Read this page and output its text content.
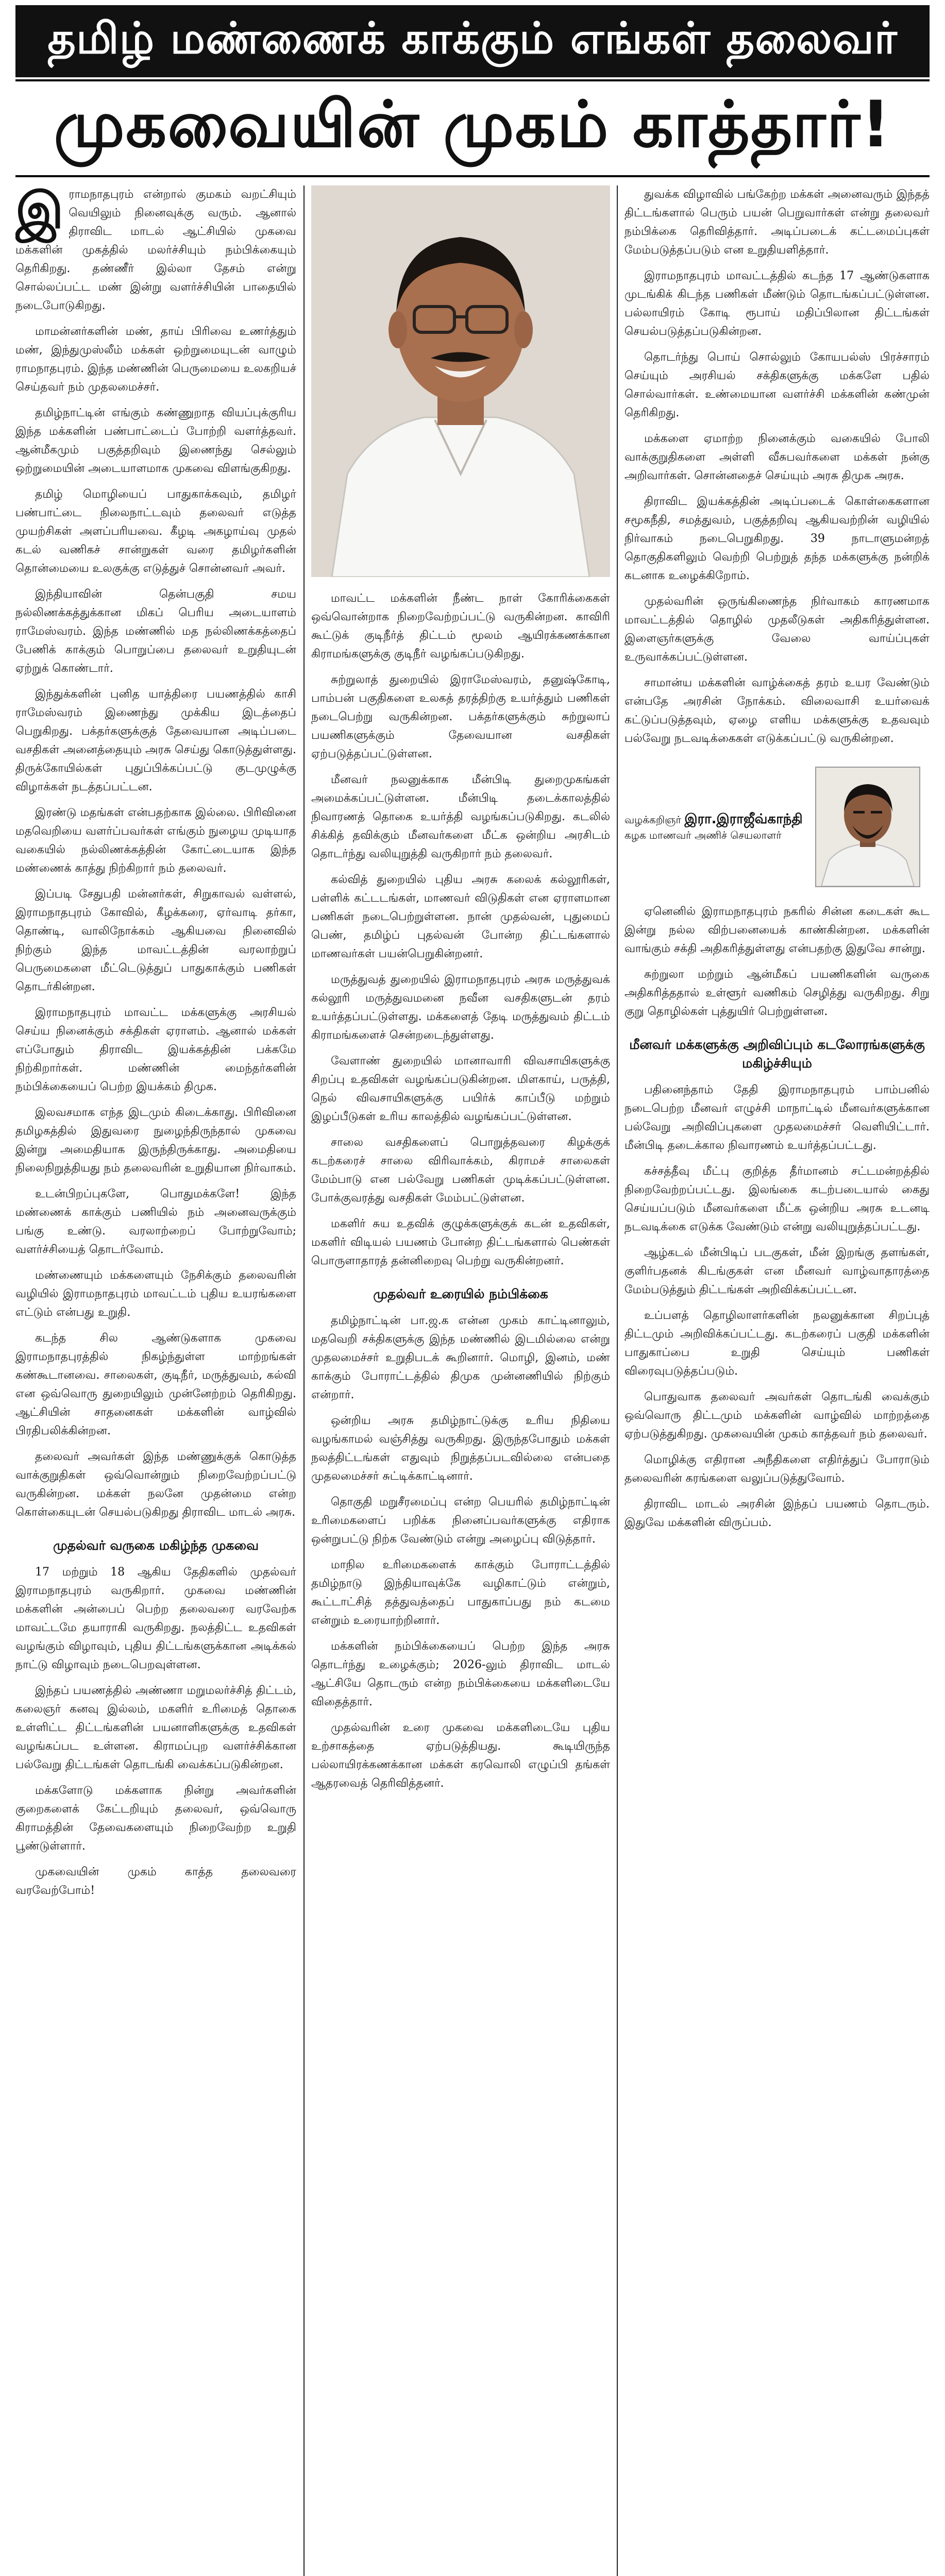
தமிழ் மண்ணைக் காக்கும் எங்கள் தலைவர்
முகவையின் முகம் காத்தார்!

இராமநாதபுரம் என்றால் குமகம் வறட்சியும் வெயிலும் நினைவுக்கு வரும். ஆனால் திராவிட மாடல் ஆட்சியில் முகவை மக்களின் முகத்தில் மலர்ச்சியும் நம்பிக்கையும் தெரிகிறது. தண்ணீர் இல்லா தேசம் என்று சொல்லப்பட்ட மண் இன்று வளர்ச்சியின் பாதையில் நடைபோடுகிறது.

மாமன்னர்களின் மண், தாய் பிரிவை உணர்த்தும் மண், இந்துமுஸ்லீம் மக்கள் ஒற்றுமையுடன் வாழும் ராமநாதபுரம். இந்த மண்ணின் பெருமையை உலகறியச் செய்தவர் நம் முதலமைச்சர்.

தமிழ்நாட்டின் எங்கும் கண்ணுறாத வியப்புக்குரிய இந்த மக்களின் பண்பாட்டைப் போற்றி வளர்த்தவர். ஆன்மீகமும் பகுத்தறிவும் இணைந்து செல்லும் ஒற்றுமையின் அடையாளமாக முகவை விளங்குகிறது.

தமிழ் மொழியைப் பாதுகாக்கவும், தமிழர் பண்பாட்டை நிலைநாட்டவும் தலைவர் எடுத்த முயற்சிகள் அளப்பரியவை. கீழடி அகழாய்வு முதல் கடல் வணிகச் சான்றுகள் வரை தமிழர்களின் தொன்மையை உலகுக்கு எடுத்துச் சொன்னவர் அவர்.

இந்தியாவின் தென்பகுதி சமய நல்லிணக்கத்துக்கான மிகப் பெரிய அடையாளம் ராமேஸ்வரம். இந்த மண்ணில் மத நல்லிணக்கத்தைப் பேணிக் காக்கும் பொறுப்பை தலைவர் உறுதியுடன் ஏற்றுக் கொண்டார்.

இந்துக்களின் புனித யாத்திரை பயணத்தில் காசி ராமேஸ்வரம் இணைந்து முக்கிய இடத்தைப் பெறுகிறது. பக்தர்களுக்குத் தேவையான அடிப்படை வசதிகள் அனைத்தையும் அரசு செய்து கொடுத்துள்ளது. திருக்கோயில்கள் புதுப்பிக்கப்பட்டு குடமுழுக்கு விழாக்கள் நடத்தப்பட்டன.

இரண்டு மதங்கள் என்பதற்காக இல்லை. பிரிவினை மதவெறியை வளர்ப்பவர்கள் எங்கும் நுழைய முடியாத வகையில் நல்லிணக்கத்தின் கோட்டையாக இந்த மண்ணைக் காத்து நிற்கிறார் நம் தலைவர்.

இப்படி சேதுபதி மன்னர்கள், சிறுகாவல் வள்ளல், இராமநாதபுரம் கோவில், கீழக்கரை, ஏர்வாடி தர்கா, தொண்டி, வாலிநோக்கம் ஆகியவை நினைவில் நிற்கும் இந்த மாவட்டத்தின் வரலாற்றுப் பெருமைகளை மீட்டெடுத்துப் பாதுகாக்கும் பணிகள் தொடர்கின்றன.

இராமநாதபுரம் மாவட்ட மக்களுக்கு அரசியல் செய்ய நினைக்கும் சக்திகள் ஏராளம். ஆனால் மக்கள் எப்போதும் திராவிட இயக்கத்தின் பக்கமே நிற்கிறார்கள். மண்ணின் மைந்தர்களின் நம்பிக்கையைப் பெற்ற இயக்கம் திமுக.

இலவசமாக எந்த இடமும் கிடைக்காது. பிரிவினை தமிழகத்தில் இதுவரை நுழைந்திருந்தால் முகவை இன்று அமைதியாக இருந்திருக்காது. அமைதியை நிலைநிறுத்தியது நம் தலைவரின் உறுதியான நிர்வாகம்.

உடன்பிறப்புகளே, பொதுமக்களே! இந்த மண்ணைக் காக்கும் பணியில் நம் அனைவருக்கும் பங்கு உண்டு. வரலாற்றைப் போற்றுவோம்; வளர்ச்சியைத் தொடர்வோம்.

மண்ணையும் மக்களையும் நேசிக்கும் தலைவரின் வழியில் இராமநாதபுரம் மாவட்டம் புதிய உயரங்களை எட்டும் என்பது உறுதி.

கடந்த சில ஆண்டுகளாக முகவை இராமநாதபுரத்தில் நிகழ்ந்துள்ள மாற்றங்கள் கண்கூடானவை. சாலைகள், குடிநீர், மருத்துவம், கல்வி என ஒவ்வொரு துறையிலும் முன்னேற்றம் தெரிகிறது. ஆட்சியின் சாதனைகள் மக்களின் வாழ்வில் பிரதிபலிக்கின்றன.

தலைவர் அவர்கள் இந்த மண்ணுக்குக் கொடுத்த வாக்குறுதிகள் ஒவ்வொன்றும் நிறைவேற்றப்பட்டு வருகின்றன. மக்கள் நலனே முதன்மை என்ற கொள்கையுடன் செயல்படுகிறது திராவிட மாடல் அரசு.

முதல்வர் வருகை மகிழ்ந்த முகவை

17 மற்றும் 18 ஆகிய தேதிகளில் முதல்வர் இராமநாதபுரம் வருகிறார். முகவை மண்ணின் மக்களின் அன்பைப் பெற்ற தலைவரை வரவேற்க மாவட்டமே தயாராகி வருகிறது. நலத்திட்ட உதவிகள் வழங்கும் விழாவும், புதிய திட்டங்களுக்கான அடிக்கல் நாட்டு விழாவும் நடைபெறவுள்ளன.

இந்தப் பயணத்தில் அண்ணா மறுமலர்ச்சித் திட்டம், கலைஞர் கனவு இல்லம், மகளிர் உரிமைத் தொகை உள்ளிட்ட திட்டங்களின் பயனாளிகளுக்கு உதவிகள் வழங்கப்பட உள்ளன. கிராமப்புற வளர்ச்சிக்கான பல்வேறு திட்டங்கள் தொடங்கி வைக்கப்படுகின்றன.

மக்களோடு மக்களாக நின்று அவர்களின் குறைகளைக் கேட்டறியும் தலைவர், ஒவ்வொரு கிராமத்தின் தேவைகளையும் நிறைவேற்ற உறுதி பூண்டுள்ளார்.

முகவையின் முகம் காத்த தலைவரை வரவேற்போம்!

மாவட்ட மக்களின் நீண்ட நாள் கோரிக்கைகள் ஒவ்வொன்றாக நிறைவேற்றப்பட்டு வருகின்றன. காவிரி கூட்டுக் குடிநீர்த் திட்டம் மூலம் ஆயிரக்கணக்கான கிராமங்களுக்கு குடிநீர் வழங்கப்படுகிறது.

சுற்றுலாத் துறையில் இராமேஸ்வரம், தனுஷ்கோடி, பாம்பன் பகுதிகளை உலகத் தரத்திற்கு உயர்த்தும் பணிகள் நடைபெற்று வருகின்றன. பக்தர்களுக்கும் சுற்றுலாப் பயணிகளுக்கும் தேவையான வசதிகள் ஏற்படுத்தப்பட்டுள்ளன.

மீனவர் நலனுக்காக மீன்பிடி துறைமுகங்கள் அமைக்கப்பட்டுள்ளன. மீன்பிடி தடைக்காலத்தில் நிவாரணத் தொகை உயர்த்தி வழங்கப்படுகிறது. கடலில் சிக்கித் தவிக்கும் மீனவர்களை மீட்க ஒன்றிய அரசிடம் தொடர்ந்து வலியுறுத்தி வருகிறார் நம் தலைவர்.

கல்வித் துறையில் புதிய அரசு கலைக் கல்லூரிகள், பள்ளிக் கட்டடங்கள், மாணவர் விடுதிகள் என ஏராளமான பணிகள் நடைபெற்றுள்ளன. நான் முதல்வன், புதுமைப் பெண், தமிழ்ப் புதல்வன் போன்ற திட்டங்களால் மாணவர்கள் பயன்பெறுகின்றனர்.

மருத்துவத் துறையில் இராமநாதபுரம் அரசு மருத்துவக் கல்லூரி மருத்துவமனை நவீன வசதிகளுடன் தரம் உயர்த்தப்பட்டுள்ளது. மக்களைத் தேடி மருத்துவம் திட்டம் கிராமங்களைச் சென்றடைந்துள்ளது.

வேளாண் துறையில் மானாவாரி விவசாயிகளுக்கு சிறப்பு உதவிகள் வழங்கப்படுகின்றன. மிளகாய், பருத்தி, நெல் விவசாயிகளுக்கு பயிர்க் காப்பீடு மற்றும் இழப்பீடுகள் உரிய காலத்தில் வழங்கப்பட்டுள்ளன.

சாலை வசதிகளைப் பொறுத்தவரை கிழக்குக் கடற்கரைச் சாலை விரிவாக்கம், கிராமச் சாலைகள் மேம்பாடு என பல்வேறு பணிகள் முடிக்கப்பட்டுள்ளன. போக்குவரத்து வசதிகள் மேம்பட்டுள்ளன.

மகளிர் சுய உதவிக் குழுக்களுக்குக் கடன் உதவிகள், மகளிர் விடியல் பயணம் போன்ற திட்டங்களால் பெண்கள் பொருளாதாரத் தன்னிறைவு பெற்று வருகின்றனர்.

முதல்வர் உரையில் நம்பிக்கை

தமிழ்நாட்டின் பா.ஜ.க என்ன முகம் காட்டினாலும், மதவெறி சக்திகளுக்கு இந்த மண்ணில் இடமில்லை என்று முதலமைச்சர் உறுதிபடக் கூறினார். மொழி, இனம், மண் காக்கும் போராட்டத்தில் திமுக முன்னணியில் நிற்கும் என்றார்.

ஒன்றிய அரசு தமிழ்நாட்டுக்கு உரிய நிதியை வழங்காமல் வஞ்சித்து வருகிறது. இருந்தபோதும் மக்கள் நலத்திட்டங்கள் எதுவும் நிறுத்தப்படவில்லை என்பதை முதலமைச்சர் சுட்டிக்காட்டினார்.

தொகுதி மறுசீரமைப்பு என்ற பெயரில் தமிழ்நாட்டின் உரிமைகளைப் பறிக்க நினைப்பவர்களுக்கு எதிராக ஒன்றுபட்டு நிற்க வேண்டும் என்று அழைப்பு விடுத்தார்.

மாநில உரிமைகளைக் காக்கும் போராட்டத்தில் தமிழ்நாடு இந்தியாவுக்கே வழிகாட்டும் என்றும், கூட்டாட்சித் தத்துவத்தைப் பாதுகாப்பது நம் கடமை என்றும் உரையாற்றினார்.

மக்களின் நம்பிக்கையைப் பெற்ற இந்த அரசு தொடர்ந்து உழைக்கும்; 2026-லும் திராவிட மாடல் ஆட்சியே தொடரும் என்ற நம்பிக்கையை மக்களிடையே விதைத்தார்.

முதல்வரின் உரை முகவை மக்களிடையே புதிய உற்சாகத்தை ஏற்படுத்தியது. கூடியிருந்த பல்லாயிரக்கணக்கான மக்கள் கரவொலி எழுப்பி தங்கள் ஆதரவைத் தெரிவித்தனர்.

துவக்க விழாவில் பங்கேற்ற மக்கள் அனைவரும் இந்தத் திட்டங்களால் பெரும் பயன் பெறுவார்கள் என்று தலைவர் நம்பிக்கை தெரிவித்தார். அடிப்படைக் கட்டமைப்புகள் மேம்படுத்தப்படும் என உறுதியளித்தார்.

இராமநாதபுரம் மாவட்டத்தில் கடந்த 17 ஆண்டுகளாக முடங்கிக் கிடந்த பணிகள் மீண்டும் தொடங்கப்பட்டுள்ளன. பல்லாயிரம் கோடி ரூபாய் மதிப்பிலான திட்டங்கள் செயல்படுத்தப்படுகின்றன.

தொடர்ந்து பொய் சொல்லும் கோயபல்ஸ் பிரச்சாரம் செய்யும் அரசியல் சக்திகளுக்கு மக்களே பதில் சொல்வார்கள். உண்மையான வளர்ச்சி மக்களின் கண்முன் தெரிகிறது.

மக்களை ஏமாற்ற நினைக்கும் வகையில் போலி வாக்குறுதிகளை அள்ளி வீசுபவர்களை மக்கள் நன்கு அறிவார்கள். சொன்னதைச் செய்யும் அரசு திமுக அரசு.

திராவிட இயக்கத்தின் அடிப்படைக் கொள்கைகளான சமூகநீதி, சமத்துவம், பகுத்தறிவு ஆகியவற்றின் வழியில் நிர்வாகம் நடைபெறுகிறது. 39 நாடாளுமன்றத் தொகுதிகளிலும் வெற்றி பெற்றுத் தந்த மக்களுக்கு நன்றிக் கடனாக உழைக்கிறோம்.

முதல்வரின் ஒருங்கிணைந்த நிர்வாகம் காரணமாக மாவட்டத்தில் தொழில் முதலீடுகள் அதிகரித்துள்ளன. இளைஞர்களுக்கு வேலை வாய்ப்புகள் உருவாக்கப்பட்டுள்ளன.

சாமான்ய மக்களின் வாழ்க்கைத் தரம் உயர வேண்டும் என்பதே அரசின் நோக்கம். விலைவாசி உயர்வைக் கட்டுப்படுத்தவும், ஏழை எளிய மக்களுக்கு உதவவும் பல்வேறு நடவடிக்கைகள் எடுக்கப்பட்டு வருகின்றன.

வழக்கறிஞர் இரா.இராஜீவ்காந்தி
கழக மாணவர் அணிச் செயலாளர்

ஏனெனில் இராமநாதபுரம் நகரில் சின்ன கடைகள் கூட இன்று நல்ல விற்பனையைக் காண்கின்றன. மக்களின் வாங்கும் சக்தி அதிகரித்துள்ளது என்பதற்கு இதுவே சான்று.

சுற்றுலா மற்றும் ஆன்மீகப் பயணிகளின் வருகை அதிகரித்ததால் உள்ளூர் வணிகம் செழித்து வருகிறது. சிறு குறு தொழில்கள் புத்துயிர் பெற்றுள்ளன.

மீனவர் மக்களுக்கு அறிவிப்பும் கடலோரங்களுக்கு மகிழ்ச்சியும்

பதினைந்தாம் தேதி இராமநாதபுரம் பாம்பனில் நடைபெற்ற மீனவர் எழுச்சி மாநாட்டில் மீனவர்களுக்கான பல்வேறு அறிவிப்புகளை முதலமைச்சர் வெளியிட்டார். மீன்பிடி தடைக்கால நிவாரணம் உயர்த்தப்பட்டது.

கச்சத்தீவு மீட்பு குறித்த தீர்மானம் சட்டமன்றத்தில் நிறைவேற்றப்பட்டது. இலங்கை கடற்படையால் கைது செய்யப்படும் மீனவர்களை மீட்க ஒன்றிய அரசு உடனடி நடவடிக்கை எடுக்க வேண்டும் என்று வலியுறுத்தப்பட்டது.

ஆழ்கடல் மீன்பிடிப் படகுகள், மீன் இறங்கு தளங்கள், குளிர்பதனக் கிடங்குகள் என மீனவர் வாழ்வாதாரத்தை மேம்படுத்தும் திட்டங்கள் அறிவிக்கப்பட்டன.

உப்பளத் தொழிலாளர்களின் நலனுக்கான சிறப்புத் திட்டமும் அறிவிக்கப்பட்டது. கடற்கரைப் பகுதி மக்களின் பாதுகாப்பை உறுதி செய்யும் பணிகள் விரைவுபடுத்தப்படும்.

பொதுவாக தலைவர் அவர்கள் தொடங்கி வைக்கும் ஒவ்வொரு திட்டமும் மக்களின் வாழ்வில் மாற்றத்தை ஏற்படுத்துகிறது. முகவையின் முகம் காத்தவர் நம் தலைவர்.

மொழிக்கு எதிரான அநீதிகளை எதிர்த்துப் போராடும் தலைவரின் கரங்களை வலுப்படுத்துவோம்.

திராவிட மாடல் அரசின் இந்தப் பயணம் தொடரும். இதுவே மக்களின் விருப்பம்.
